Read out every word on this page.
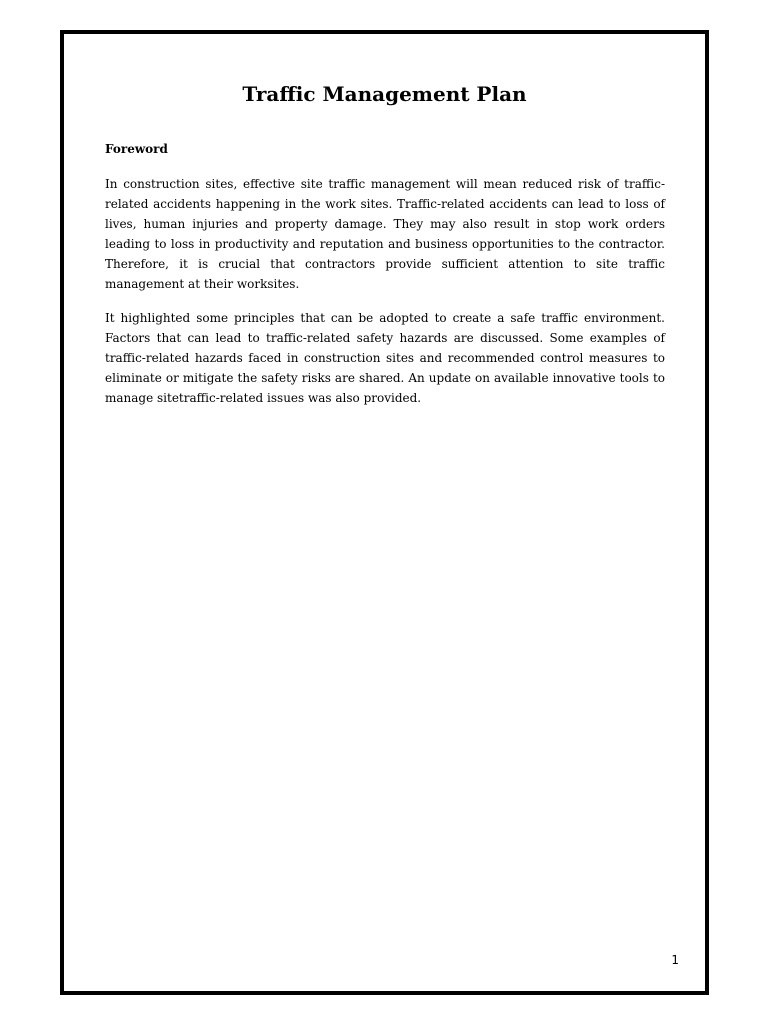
Traffic Management Plan
Foreword

In construction sites, effective site traffic management will mean reduced risk of traffic-related accidents happening in the work sites. Traffic-related accidents can lead to loss of lives, human injuries and property damage. They may also result in stop work orders leading to loss in productivity and reputation and business opportunities to the contractor. Therefore, it is crucial that contractors provide sufficient attention to site traffic management at their worksites.

It highlighted some principles that can be adopted to create a safe traffic environment. Factors that can lead to traffic-related safety hazards are discussed. Some examples of traffic-related hazards faced in construction sites and recommended control measures to eliminate or mitigate the safety risks are shared. An update on available innovative tools to manage sitetraffic-related issues was also provided.

1
